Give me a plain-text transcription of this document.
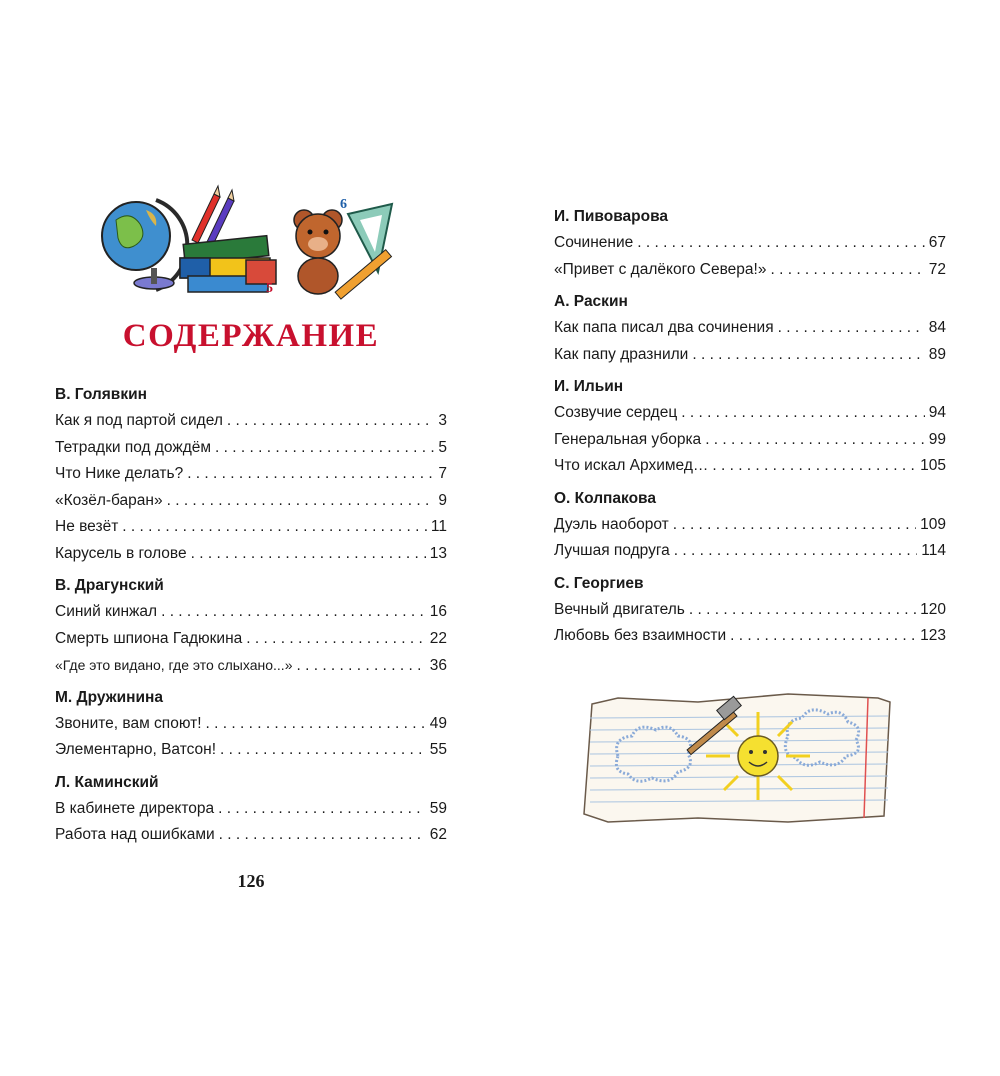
5
6
СОДЕРЖАНИЕ
В. Голявкин
Как я под партой сидел . . .	3
Тетрадки под дождём . . .	5
Что Нике делать? . . .	7
«Козёл-баран» . . .	9
Не везёт . . .	11
Карусель в голове . . .	13
В. Драгунский
Синий кинжал . . .	16
Смерть шпиона Гадюкина . . .	22
«Где это видано, где это слыхано...» . . .	36
М. Дружинина
Звоните, вам споют! . . .	49
Элементарно, Ватсон! . . .	55
Л. Каминский
В кабинете директора . . .	59
Работа над ошибками . . .	62
И. Пивоварова
Сочинение . . .	67
«Привет с далёкого Севера!» . . .	72
А. Раскин
Как папа писал два сочинения . . .	84
Как папу дразнили . . .	89
И. Ильин
Созвучие сердец . . .	94
Генеральная уборка . . .	99
Что искал Архимед… . . .	105
О. Колпакова
Дуэль наоборот . . .	109
Лучшая подруга . . .	114
С. Георгиев
Вечный двигатель . . .	120
Любовь без взаимности . . .	123
126
